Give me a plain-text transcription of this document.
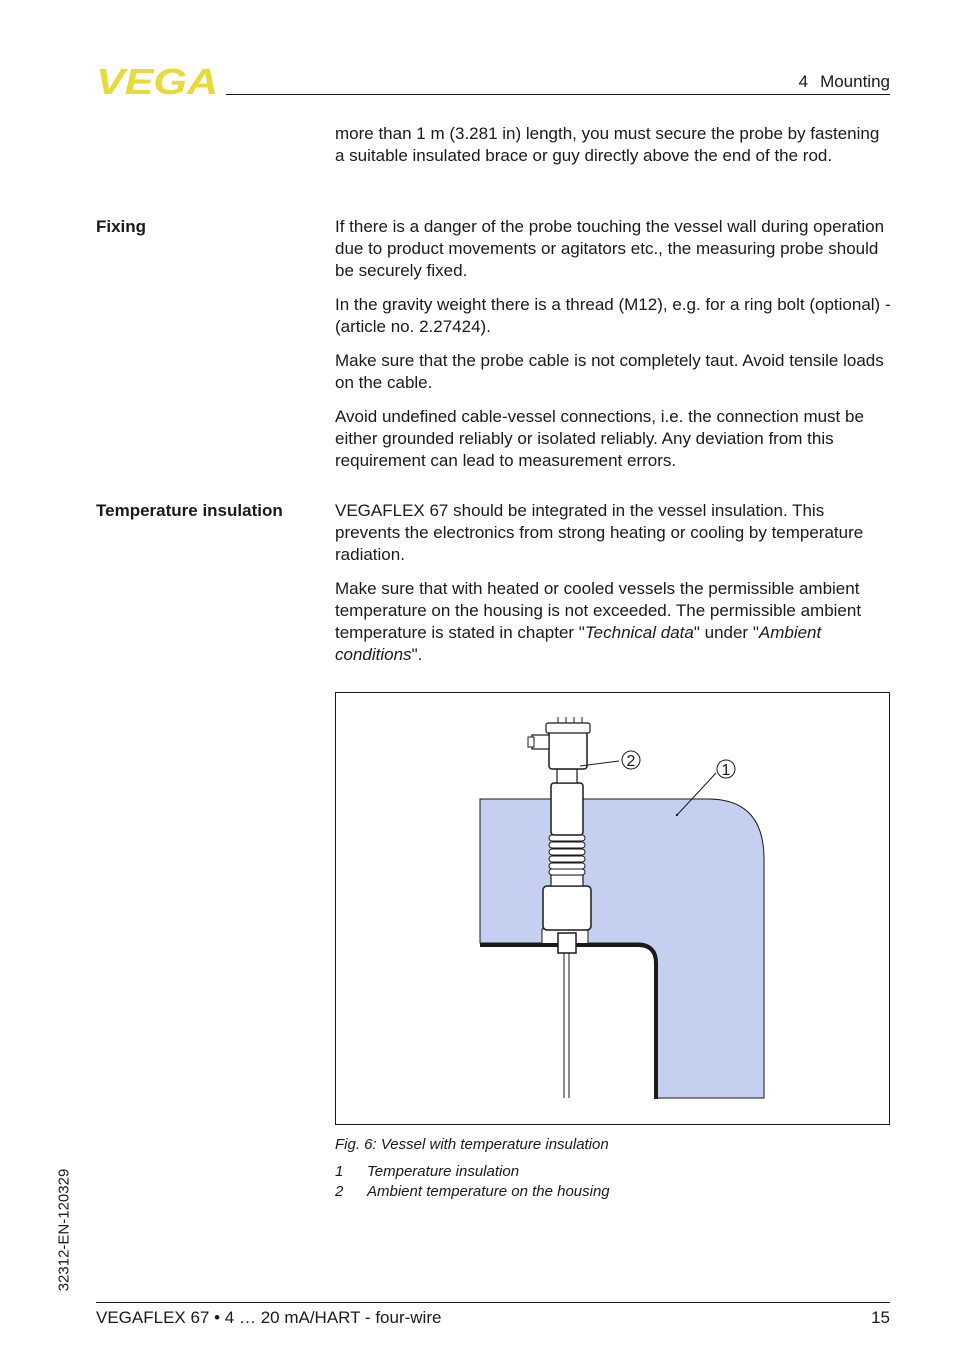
VEGA	4 Mounting

more than 1 m (3.281 in) length, you must secure the probe by fastening a suitable insulated brace or guy directly above the end of the rod.

Fixing	If there is a danger of the probe touching the vessel wall during operation due to product movements or agitators etc., the measuring probe should be securely fixed.

In the gravity weight there is a thread (M12), e.g. for a ring bolt (optional) - (article no. 2.27424).

Make sure that the probe cable is not completely taut. Avoid tensile loads on the cable.

Avoid undefined cable-vessel connections, i.e. the connection must be either grounded reliably or isolated reliably. Any deviation from this requirement can lead to measurement errors.

Temperature insulation	VEGAFLEX 67 should be integrated in the vessel insulation. This prevents the electronics from strong heating or cooling by temperature radiation.

Make sure that with heated or cooled vessels the permissible ambient temperature on the housing is not exceeded. The permissible ambient temperature is stated in chapter "Technical data" under "Ambient conditions".

2
1
Fig. 6: Vessel with temperature insulation
1	Temperature insulation
2	Ambient temperature on the housing
32312-EN-120329
VEGAFLEX 67 • 4 … 20 mA/HART - four-wire	15
